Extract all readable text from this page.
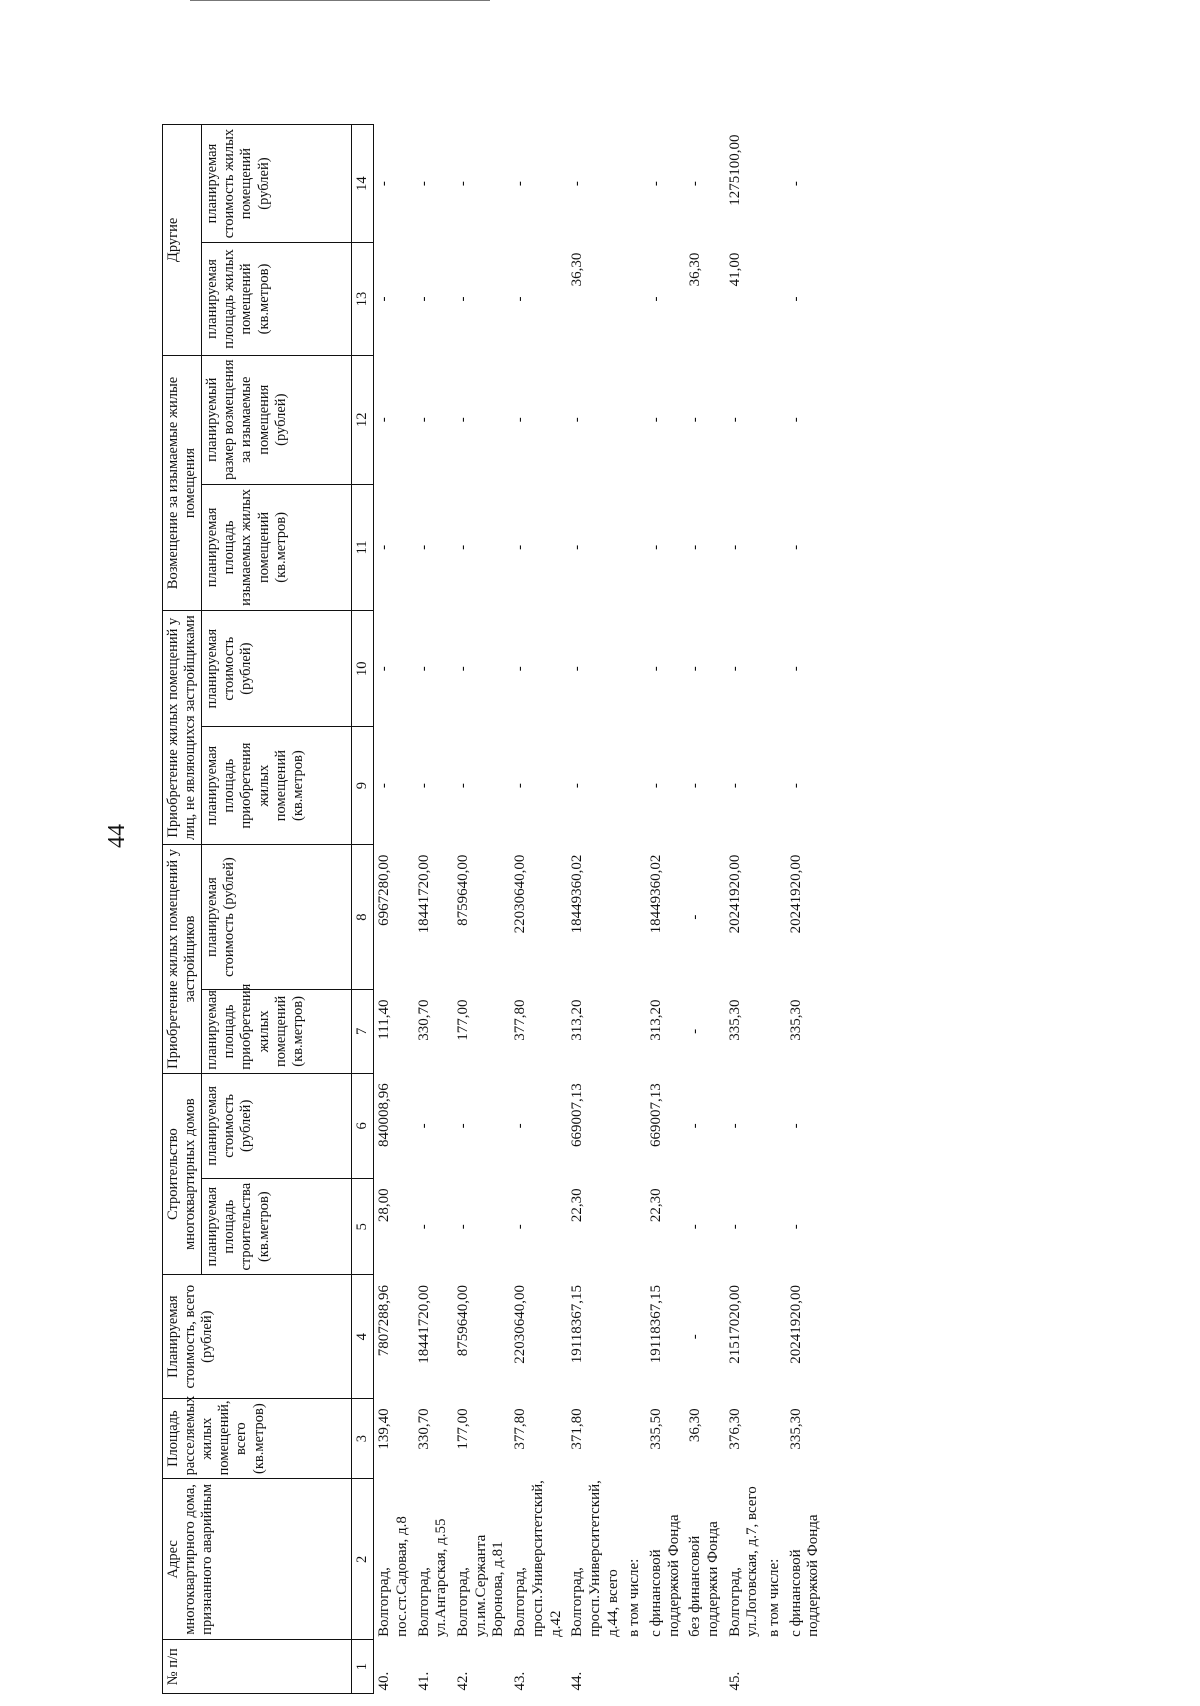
44
№ п/п	Адрес многоквартирного дома, признанного аварийным	Площадь расселяемых жилых помещений, всего (кв.метров)	Планируемая стоимость, всего (рублей)	Строительство многоквартирных домов		Приобретение жилых помещений у застройщиков		Приобретение жилых помещений у лиц, не являющихся застройщиками		Возмещение за изымаемые жилые помещения		Другие	
				планируемая площадь строительства (кв.метров)	планируемая стоимость (рублей)	планируемая площадь приобретения жилых помещений (кв.метров)	планируемая стоимость (рублей)	планируемая площадь приобретения жилых помещений (кв.метров)	планируемая стоимость (рублей)	планируемая площадь изымаемых жилых помещений (кв.метров)	планируемый размер возмещения за изымаемые помещения (рублей)	планируемая площадь жилых помещений (кв.метров)	планируемая стоимость жилых помещений (рублей)
1	2	3	4	5	6	7	8	9	10	11	12	13	14
40.	Волгоград, пос.ст.Садовая, д.8	139,40	7807288,96	28,00	840008,96	111,40	6967280,00	-	-	-	-	-	-
41.	Волгоград, ул.Ангарская, д.55	330,70	18441720,00	-	-	330,70	18441720,00	-	-	-	-	-	-
42.	Волгоград, ул.им.Сержанта Воронова, д.81	177,00	8759640,00	-	-	177,00	8759640,00	-	-	-	-	-	-
43.	Волгоград, просп.Университетский, д.42	377,80	22030640,00	-	-	377,80	22030640,00	-	-	-	-	-	-
44.	Волгоград, просп.Университетский, д.44, всего	371,80	19118367,15	22,30	669007,13	313,20	18449360,02	-	-	-	-	36,30	-
	в том числе:												
	с финансовой поддержкой Фонда	335,50	19118367,15	22,30	669007,13	313,20	18449360,02	-	-	-	-	-	-
	без финансовой поддержки Фонда	36,30	-	-	-	-	-	-	-	-	-	36,30	-
45.	Волгоград, ул.Логовская, д.7, всего	376,30	21517020,00	-	-	335,30	20241920,00	-	-	-	-	41,00	1275100,00
	в том числе:												
	с финансовой поддержкой Фонда	335,30	20241920,00	-	-	335,30	20241920,00	-	-	-	-	-	-
